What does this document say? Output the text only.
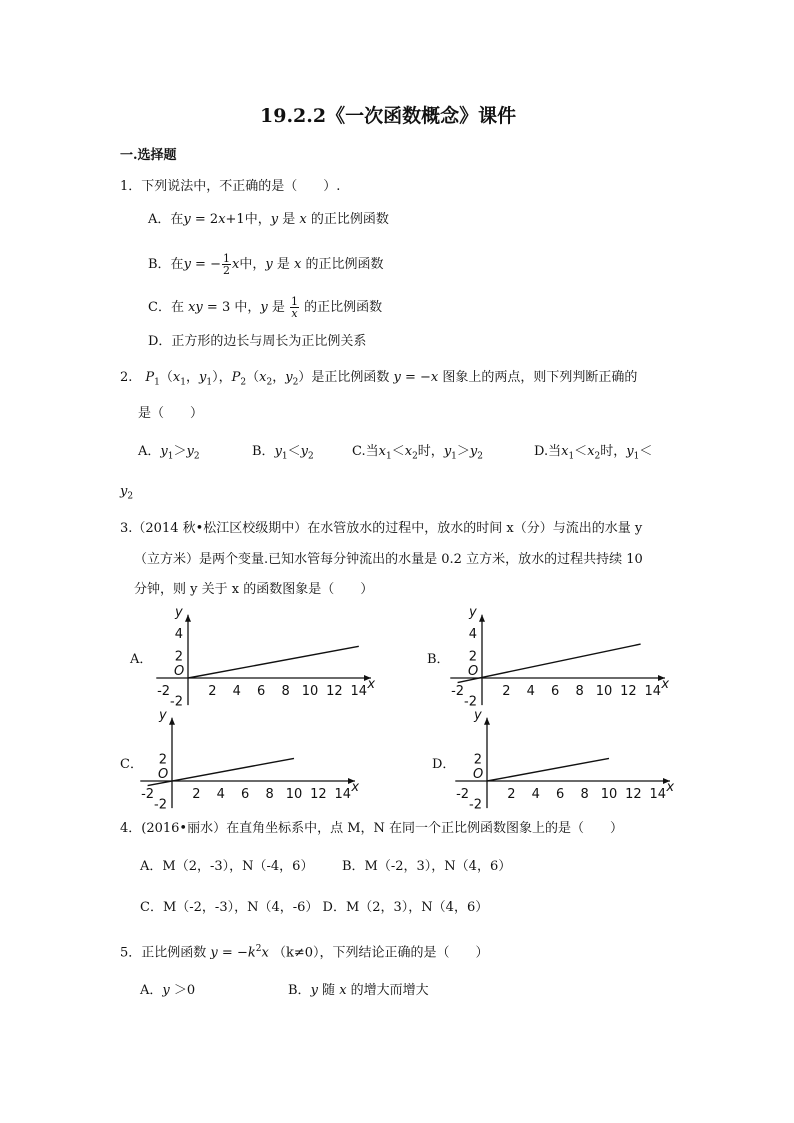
19.2.2《一次函数概念》课件
一.选择题
1．下列说法中，不正确的是（　　）.
A．在y = 2x+1中，y 是 x 的正比例函数
B．在y = − $\frac{1}{2}$ x中，y 是 x 的正比例函数
C．在 xy = 3 中，y 是 $\frac{1}{x}$ 的正比例函数
D．正方形的边长与周长为正比例关系
2.　$P_1(x_1$，$y_1$），$P_2(x_2$，$y_2$）是正比例函数 y = −x 图象上的两点，则下列判断正确的
是（　　）
A．$y_1>y_2$	B．$y_1<y_2$	C.当$x_1<x_2$时，$y_1>y_2$	D.当$x_1<x_2$时，$y_1<$
$y_2$
3.（2014 秋•松江区校级期中）在水管放水的过程中，放水的时间 x（分）与流出的水量 y
（立方米）是两个变量.已知水管每分钟流出的水量是 0.2 立方米，放水的过程共持续 10
分钟，则 y 关于 x 的函数图象是（　　）
A．	B．
C．	D．
x
y
O
-2	2 4 6 8 10 12 14
4
2
-2
x
y
O
-2	2 4 6 8 10 12 14
4
2
-2
x
y
O
-2	2 4 6 8 10 12 14
2
-2
x
y
O
-2	2 4 6 8 10 12 14
2
-2
4．(2016•丽水）在直角坐标系中，点 M，N 在同一个正比例函数图象上的是（　　）
A．M（2，-3），N（-4，6） B．M（-2，3），N（4，6）
C．M（-2，-3），N（4，-6） D．M（2，3），N（4，6）
5．正比例函数 $y = -k^2x$ （k≠0），下列结论正确的是（　　）
A．y ＞0	B．y 随 x 的增大而增大
